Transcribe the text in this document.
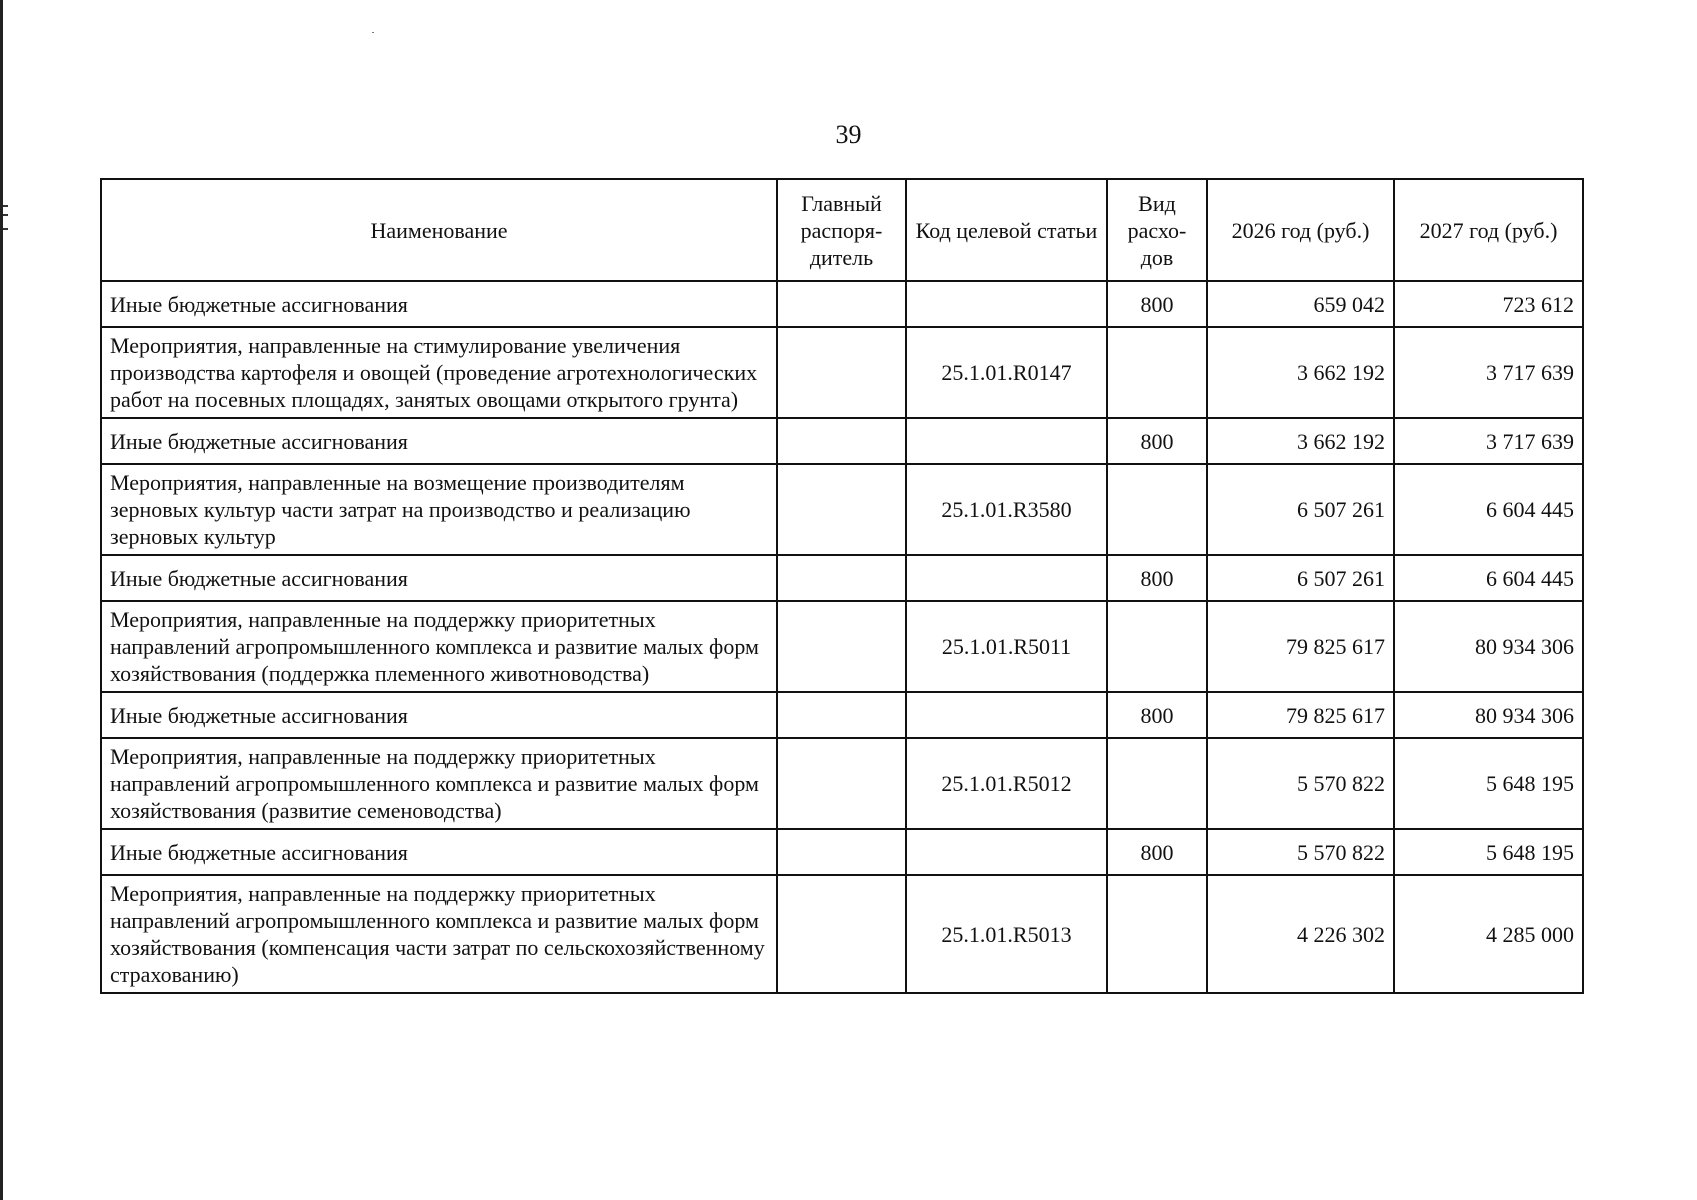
39
Наименование	Главный распоря-дитель	Код целевой статьи	Вид расхо-дов	2026 год (руб.)	2027 год (руб.)
Иные бюджетные ассигнования			800	659 042	723 612
Мероприятия, направленные на стимулирование увеличения производства картофеля и овощей (проведение агротехнологических работ на посевных площадях, занятых овощами открытого грунта)		25.1.01.R0147		3 662 192	3 717 639
Иные бюджетные ассигнования			800	3 662 192	3 717 639
Мероприятия, направленные на возмещение производителям зерновых культур части затрат на производство и реализацию зерновых культур		25.1.01.R3580		6 507 261	6 604 445
Иные бюджетные ассигнования			800	6 507 261	6 604 445
Мероприятия, направленные на поддержку приоритетных направлений агропромышленного комплекса и развитие малых форм хозяйствования (поддержка племенного животноводства)		25.1.01.R5011		79 825 617	80 934 306
Иные бюджетные ассигнования			800	79 825 617	80 934 306
Мероприятия, направленные на поддержку приоритетных направлений агропромышленного комплекса и развитие малых форм хозяйствования (развитие семеноводства)		25.1.01.R5012		5 570 822	5 648 195
Иные бюджетные ассигнования			800	5 570 822	5 648 195
Мероприятия, направленные на поддержку приоритетных направлений агропромышленного комплекса и развитие малых форм хозяйствования (компенсация части затрат по сельскохозяйственному страхованию)		25.1.01.R5013		4 226 302	4 285 000
